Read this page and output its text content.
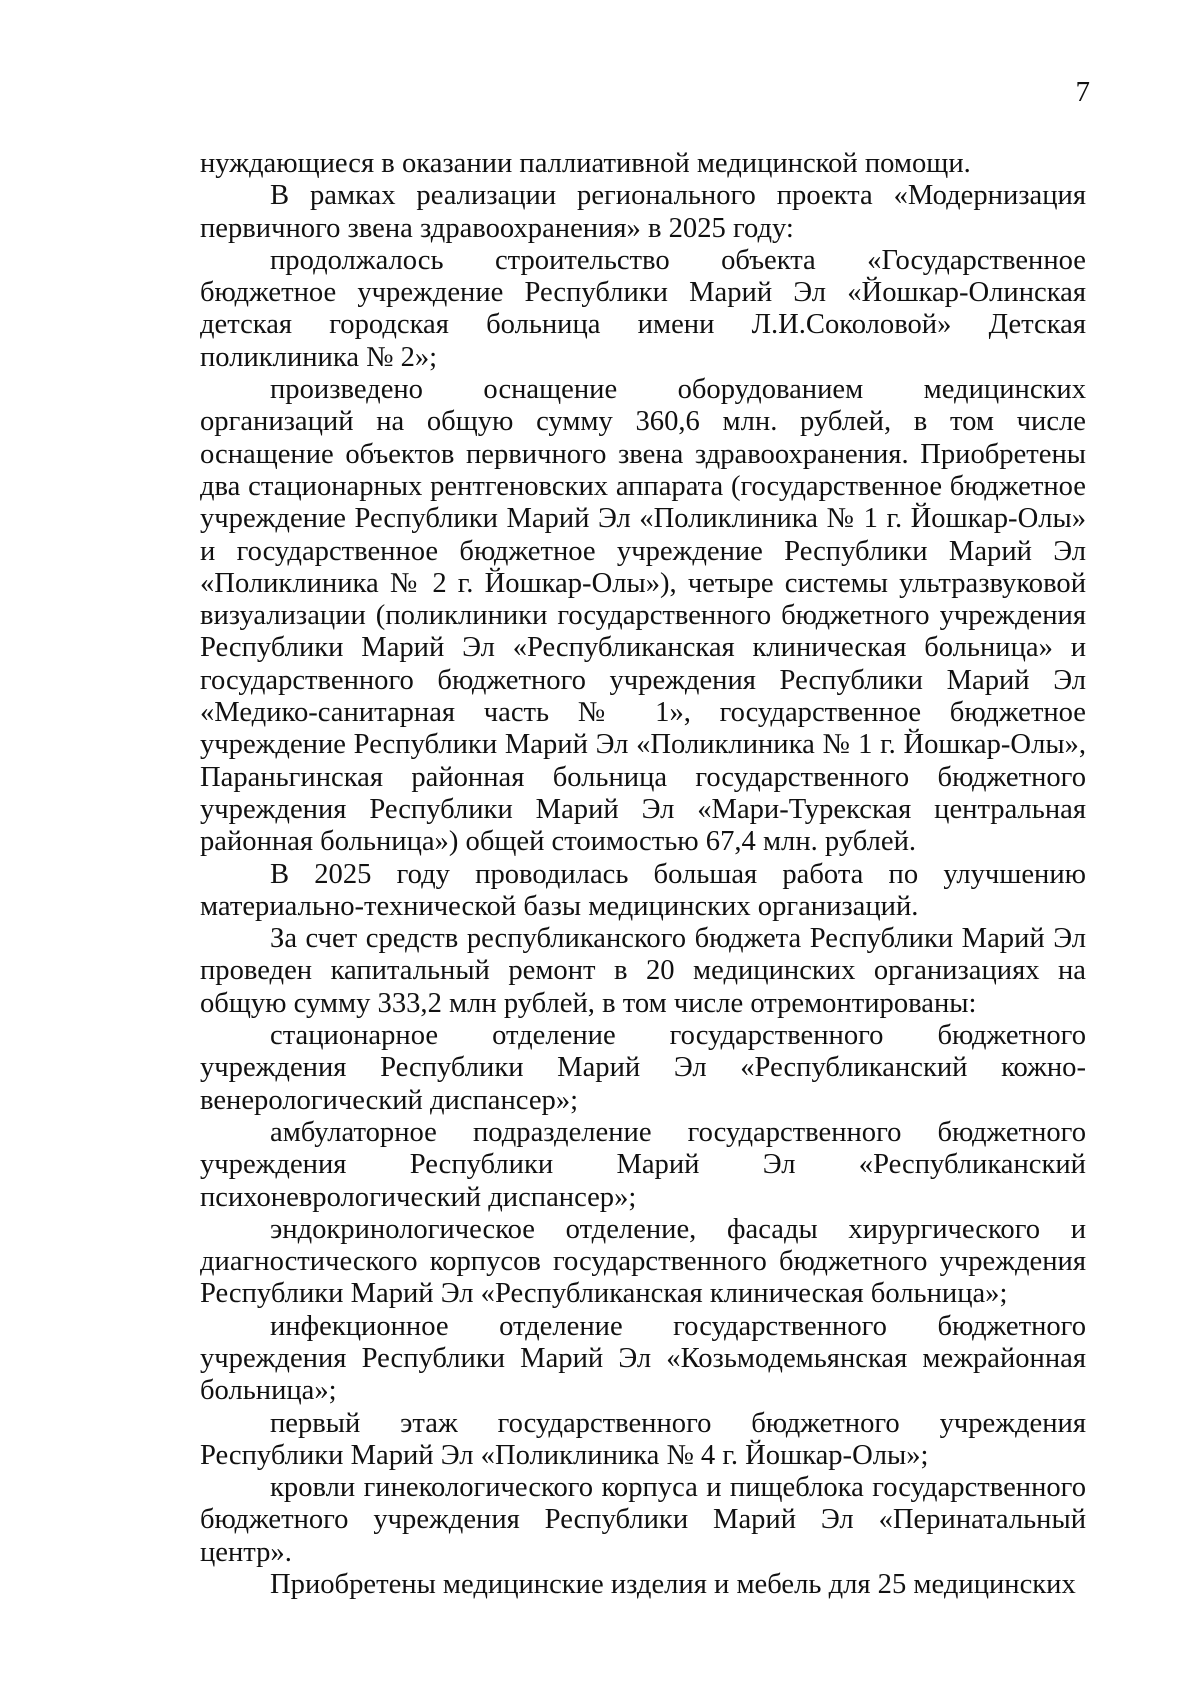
7

нуждающиеся в оказании паллиативной медицинской помощи.

В рамках реализации регионального проекта «Модернизация первичного звена здравоохранения» в 2025 году:

продолжалось строительство объекта «Государственное бюджетное учреждение Республики Марий Эл «Йошкар-Олинская детская городская больница имени Л.И.Соколовой» Детская поликлиника № 2»;

произведено оснащение оборудованием медицинских организаций на общую сумму 360,6 млн. рублей, в том числе оснащение объектов первичного звена здравоохранения. Приобретены два стационарных рентгеновских аппарата (государственное бюджетное учреждение Республики Марий Эл «Поликлиника № 1 г. Йошкар-Олы» и государственное бюджетное учреждение Республики Марий Эл «Поликлиника № 2 г. Йошкар-Олы»), четыре системы ультразвуковой визуализации (поликлиники государственного бюджетного учреждения Республики Марий Эл «Республиканская клиническая больница» и государственного бюджетного учреждения Республики Марий Эл «Медико-санитарная часть № 1», государственное бюджетное учреждение Республики Марий Эл «Поликлиника № 1 г. Йошкар-Олы», Параньгинская районная больница государственного бюджетного учреждения Республики Марий Эл «Мари-Турекская центральная районная больница») общей стоимостью 67,4 млн. рублей.

В 2025 году проводилась большая работа по улучшению материально-технической базы медицинских организаций.

За счет средств республиканского бюджета Республики Марий Эл проведен капитальный ремонт в 20 медицинских организациях на общую сумму 333,2 млн рублей, в том числе отремонтированы:

стационарное отделение государственного бюджетного учреждения Республики Марий Эл «Республиканский кожно-венерологический диспансер»;

амбулаторное подразделение государственного бюджетного учреждения Республики Марий Эл «Республиканский психоневрологический диспансер»;

эндокринологическое отделение, фасады хирургического и диагностического корпусов государственного бюджетного учреждения Республики Марий Эл «Республиканская клиническая больница»;

инфекционное отделение государственного бюджетного учреждения Республики Марий Эл «Козьмодемьянская межрайонная больница»;

первый этаж государственного бюджетного учреждения Республики Марий Эл «Поликлиника № 4 г. Йошкар-Олы»;

кровли гинекологического корпуса и пищеблока государственного бюджетного учреждения Республики Марий Эл «Перинатальный центр».

Приобретены медицинские изделия и мебель для 25 медицинских
